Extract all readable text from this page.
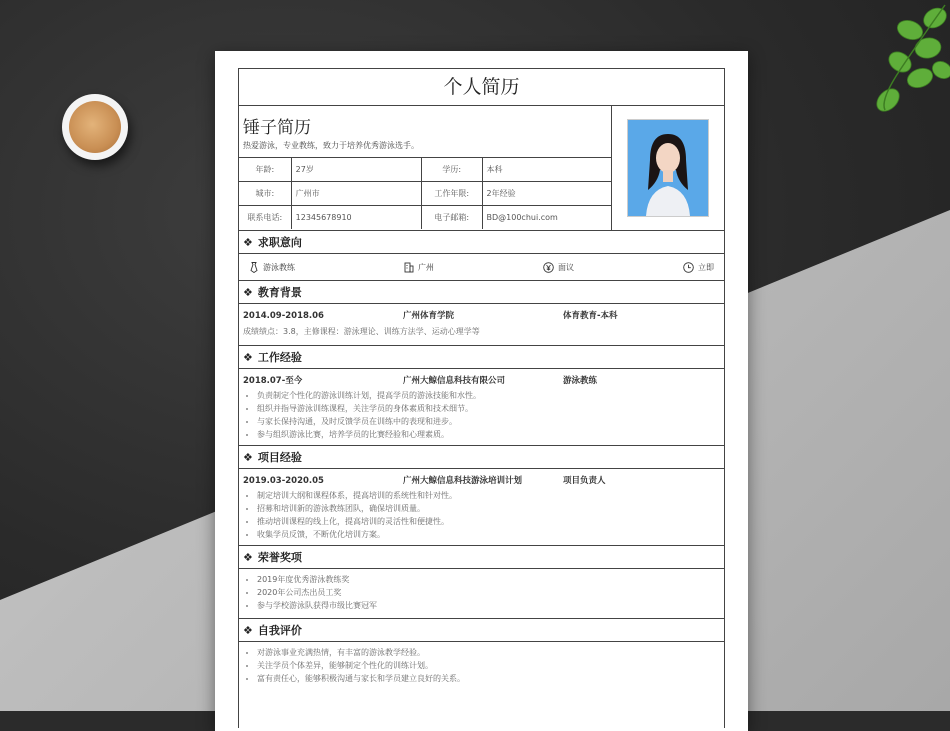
个人简历
锤子简历
热爱游泳，专业教练，致力于培养优秀游泳选手。
年龄:	27岁	学历:	本科
城市:	广州市	工作年限:	2年经验
联系电话:	12345678910	电子邮箱:	BD@100chui.com
❖ 求职意向
游泳教练	广州	面议	立即
❖ 教育背景
2014.09-2018.06	广州体育学院	体育教育-本科
成绩绩点：3.8，主修课程：游泳理论、训练方法学、运动心理学等
❖ 工作经验
2018.07-至今	广州大鲸信息科技有限公司	游泳教练
• 负责制定个性化的游泳训练计划，提高学员的游泳技能和水性。
• 组织并指导游泳训练课程，关注学员的身体素质和技术细节。
• 与家长保持沟通，及时反馈学员在训练中的表现和进步。
• 参与组织游泳比赛，培养学员的比赛经验和心理素质。
❖ 项目经验
2019.03-2020.05	广州大鲸信息科技游泳培训计划	项目负责人
• 制定培训大纲和课程体系，提高培训的系统性和针对性。
• 招募和培训新的游泳教练团队，确保培训质量。
• 推动培训课程的线上化，提高培训的灵活性和便捷性。
• 收集学员反馈，不断优化培训方案。
❖ 荣誉奖项
• 2019年度优秀游泳教练奖
• 2020年公司杰出员工奖
• 参与学校游泳队获得市级比赛冠军
❖ 自我评价
• 对游泳事业充满热情，有丰富的游泳教学经验。
• 关注学员个体差异，能够制定个性化的训练计划。
• 富有责任心，能够积极沟通与家长和学员建立良好的关系。
